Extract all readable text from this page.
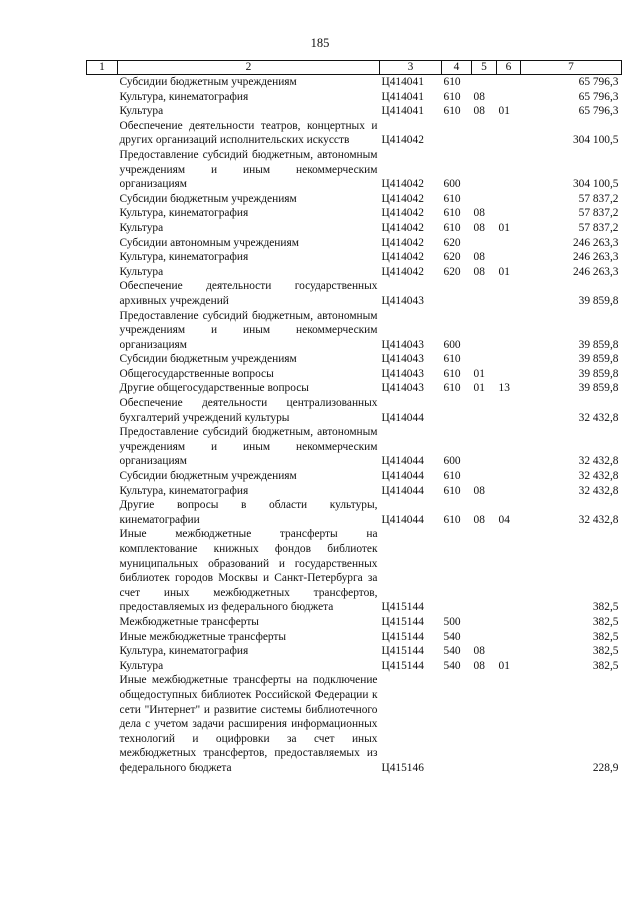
185
1	2	3	4	5	6	7
	Субсидии бюджетным учреждениям	Ц414041	610			65 796,3
	Культура, кинематография	Ц414041	610	08		65 796,3
	Культура	Ц414041	610	08	01	65 796,3
	Обеспечение деятельности театров, концертных и других организаций исполнительских искусств	Ц414042				304 100,5
	Предоставление субсидий бюджетным, автономным учреждениям и иным некоммерческим организациям	Ц414042	600			304 100,5
	Субсидии бюджетным учреждениям	Ц414042	610			57 837,2
	Культура, кинематография	Ц414042	610	08		57 837,2
	Культура	Ц414042	610	08	01	57 837,2
	Субсидии автономным учреждениям	Ц414042	620			246 263,3
	Культура, кинематография	Ц414042	620	08		246 263,3
	Культура	Ц414042	620	08	01	246 263,3
	Обеспечение деятельности государственных архивных учреждений	Ц414043				39 859,8
	Предоставление субсидий бюджетным, автономным учреждениям и иным некоммерческим организациям	Ц414043	600			39 859,8
	Субсидии бюджетным учреждениям	Ц414043	610			39 859,8
	Общегосударственные вопросы	Ц414043	610	01		39 859,8
	Другие общегосударственные вопросы	Ц414043	610	01	13	39 859,8
	Обеспечение деятельности централизованных бухгалтерий учреждений культуры	Ц414044				32 432,8
	Предоставление субсидий бюджетным, автономным учреждениям и иным некоммерческим организациям	Ц414044	600			32 432,8
	Субсидии бюджетным учреждениям	Ц414044	610			32 432,8
	Культура, кинематография	Ц414044	610	08		32 432,8
	Другие вопросы в области культуры, кинематографии	Ц414044	610	08	04	32 432,8
	Иные межбюджетные трансферты на комплектование книжных фондов библиотек муниципальных образований и государственных библиотек городов Москвы и Санкт-Петербурга за счет иных межбюджетных трансфертов, предоставляемых из федерального бюджета	Ц415144				382,5
	Межбюджетные трансферты	Ц415144	500			382,5
	Иные межбюджетные трансферты	Ц415144	540			382,5
	Культура, кинематография	Ц415144	540	08		382,5
	Культура	Ц415144	540	08	01	382,5
	Иные межбюджетные трансферты на подключение общедоступных библиотек Российской Федерации к сети "Интернет" и развитие системы библиотечного дела с учетом задачи расширения информационных технологий и оцифровки за счет иных межбюджетных трансфертов, предоставляемых из федерального бюджета	Ц415146				228,9
